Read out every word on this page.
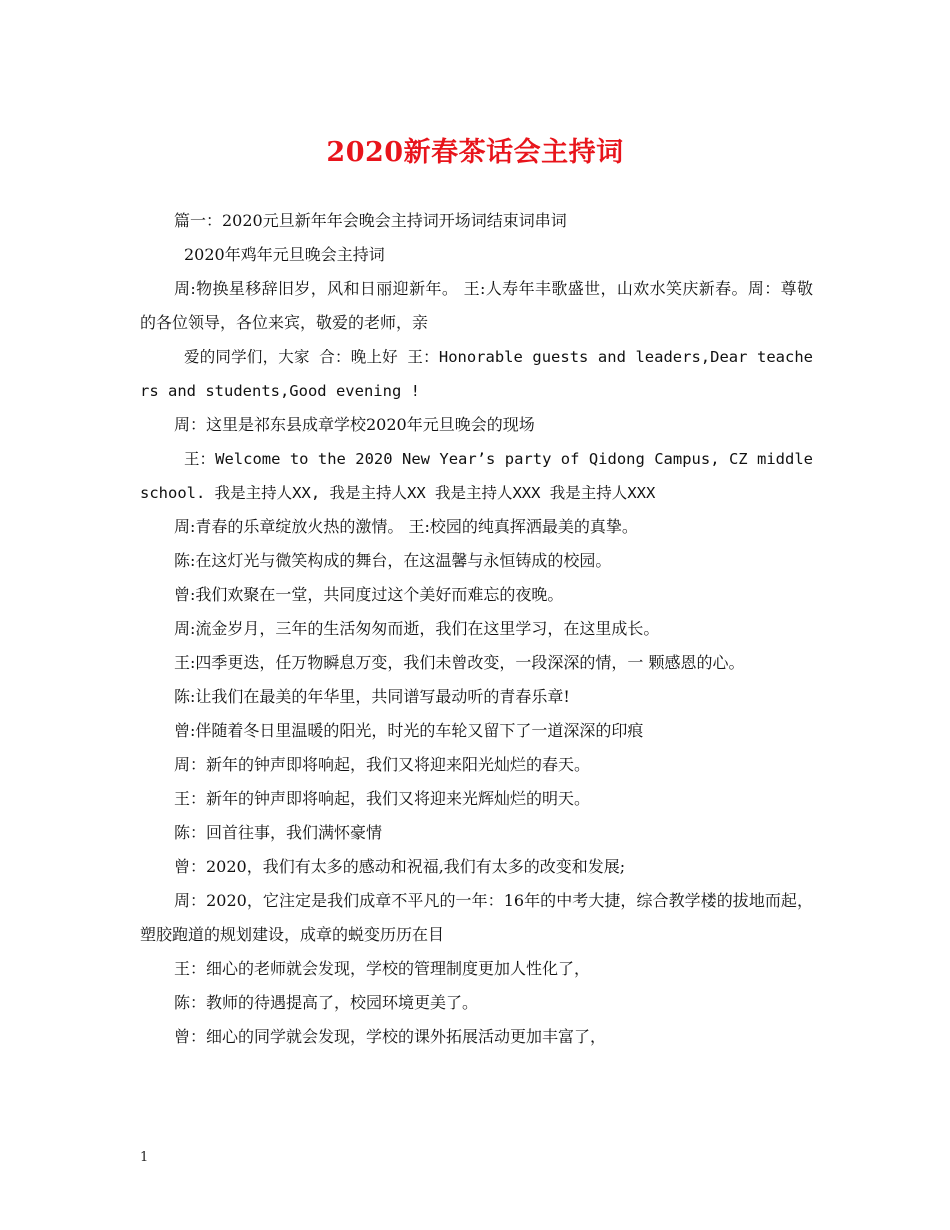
2020新春茶话会主持词

篇一：2020元旦新年年会晚会主持词开场词结束词串词

2020年鸡年元旦晚会主持词

周:物换星移辞旧岁，风和日丽迎新年。 王:人寿年丰歌盛世，山欢水笑庆新春。周：尊敬的各位领导，各位来宾，敬爱的老师，亲

爱的同学们，大家 合：晚上好 王：Honorable guests and leaders,Dear teachers and students,Good evening !

周：这里是祁东县成章学校2020年元旦晚会的现场

王：Welcome to the 2020 New Year’s party of Qidong Campus, CZ middle school. 我是主持人XX, 我是主持人XX 我是主持人XXX 我是主持人XXX

周:青春的乐章绽放火热的激情。 王:校园的纯真挥洒最美的真挚。

陈:在这灯光与微笑构成的舞台，在这温馨与永恒铸成的校园。

曾:我们欢聚在一堂，共同度过这个美好而难忘的夜晚。

周:流金岁月，三年的生活匆匆而逝，我们在这里学习，在这里成长。

王:四季更迭，任万物瞬息万变，我们未曾改变，一段深深的情，一 颗感恩的心。

陈:让我们在最美的年华里，共同谱写最动听的青春乐章!

曾:伴随着冬日里温暖的阳光，时光的车轮又留下了一道深深的印痕

周：新年的钟声即将响起，我们又将迎来阳光灿烂的春天。

王：新年的钟声即将响起，我们又将迎来光辉灿烂的明天。

陈：回首往事，我们满怀豪情

曾：2020，我们有太多的感动和祝福,我们有太多的改变和发展;

周：2020，它注定是我们成章不平凡的一年：16年的中考大捷，综合教学楼的拔地而起，塑胶跑道的规划建设，成章的蜕变历历在目

王：细心的老师就会发现，学校的管理制度更加人性化了，

陈：教师的待遇提高了，校园环境更美了。

曾：细心的同学就会发现，学校的课外拓展活动更加丰富了，

1
